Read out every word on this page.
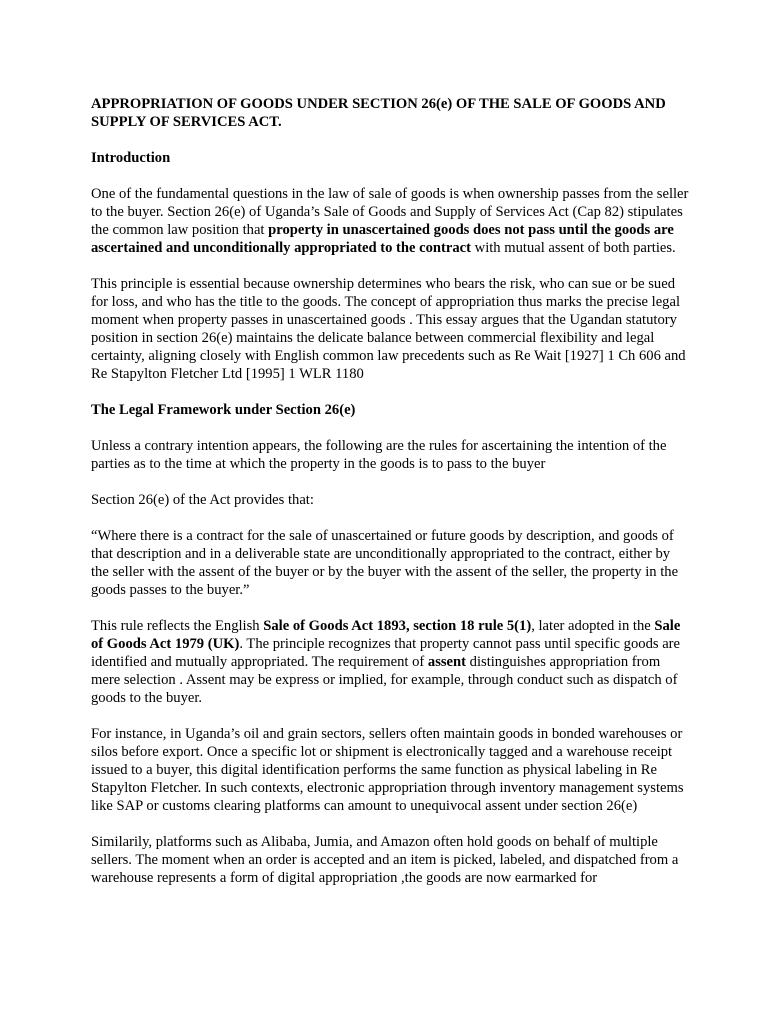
APPROPRIATION OF GOODS UNDER SECTION 26(e) OF THE SALE OF GOODS AND SUPPLY OF SERVICES ACT.
Introduction

One of the fundamental questions in the law of sale of goods is when ownership passes from the seller to the buyer. Section 26(e) of Uganda’s Sale of Goods and Supply of Services Act (Cap 82) stipulates the common law position that property in unascertained goods does not pass until the goods are ascertained and unconditionally appropriated to the contract with mutual assent of both parties.

This principle is essential because ownership determines who bears the risk, who can sue or be sued for loss, and who has the title to the goods. The concept of appropriation thus marks the precise legal moment when property passes in unascertained goods . This essay argues that the Ugandan statutory position in section 26(e) maintains the delicate balance between commercial flexibility and legal certainty, aligning closely with English common law precedents such as Re Wait [1927] 1 Ch 606 and Re Stapylton Fletcher Ltd [1995] 1 WLR 1180

The Legal Framework under Section 26(e)

Unless a contrary intention appears, the following are the rules for ascertaining the intention of the parties as to the time at which the property in the goods is to pass to the buyer

Section 26(e) of the Act provides that:

“Where there is a contract for the sale of unascertained or future goods by description, and goods of that description and in a deliverable state are unconditionally appropriated to the contract, either by the seller with the assent of the buyer or by the buyer with the assent of the seller, the property in the goods passes to the buyer.”

This rule reflects the English Sale of Goods Act 1893, section 18 rule 5(1), later adopted in the Sale of Goods Act 1979 (UK). The principle recognizes that property cannot pass until specific goods are identified and mutually appropriated. The requirement of assent distinguishes appropriation from mere selection . Assent may be express or implied, for example, through conduct such as dispatch of goods to the buyer.

For instance, in Uganda’s oil and grain sectors, sellers often maintain goods in bonded warehouses or silos before export. Once a specific lot or shipment is electronically tagged and a warehouse receipt issued to a buyer, this digital identification performs the same function as physical labeling in Re Stapylton Fletcher. In such contexts, electronic appropriation through inventory management systems like SAP or customs clearing platforms can amount to unequivocal assent under section 26(e)

Similarily, platforms such as Alibaba, Jumia, and Amazon often hold goods on behalf of multiple sellers. The moment when an order is accepted and an item is picked, labeled, and dispatched from a warehouse represents a form of digital appropriation ,the goods are now earmarked for
